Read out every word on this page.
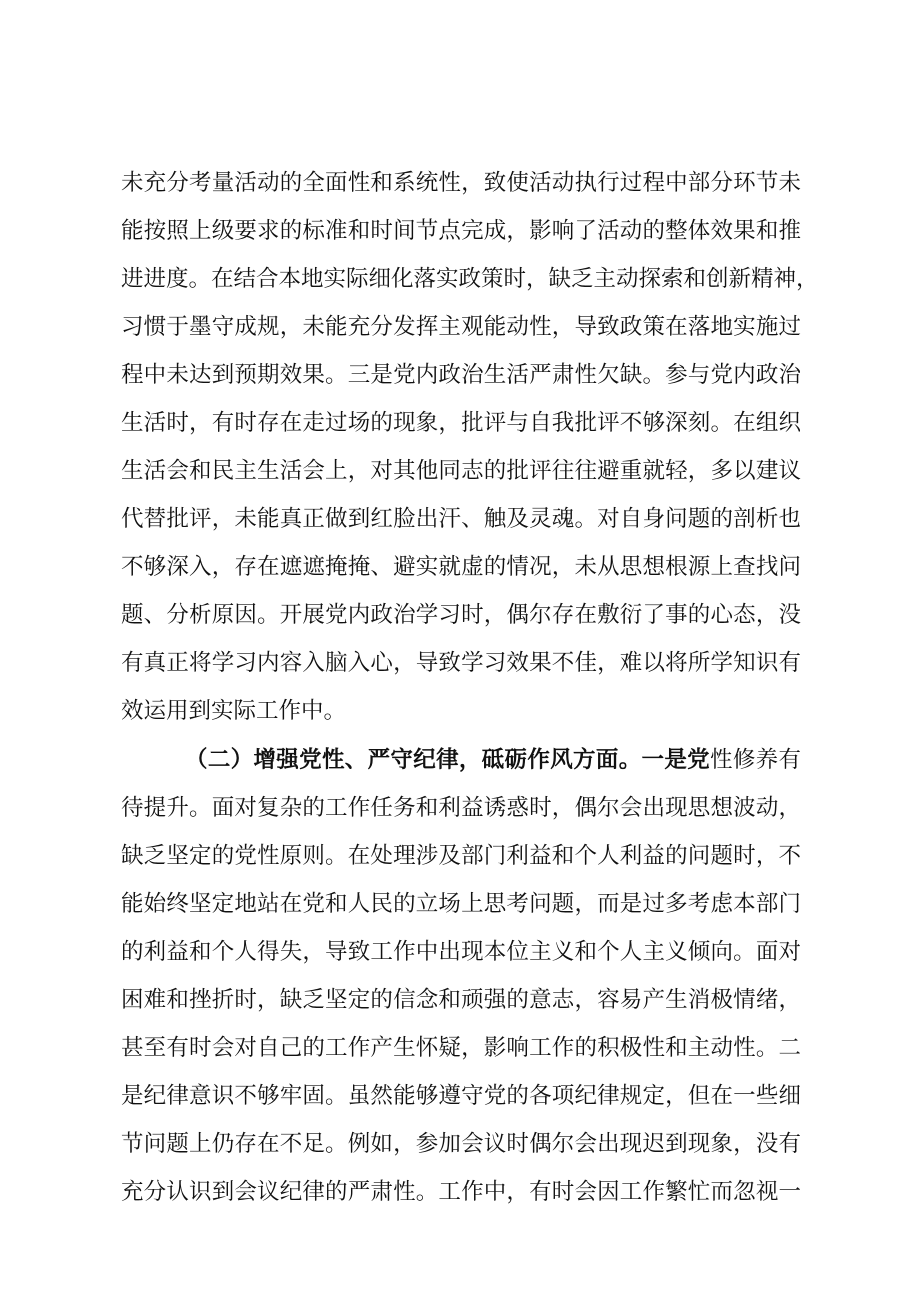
未充分考量活动的全面性和系统性，致使活动执行过程中部分环节未
能按照上级要求的标准和时间节点完成，影响了活动的整体效果和推
进进度。在结合本地实际细化落实政策时，缺乏主动探索和创新精神，
习惯于墨守成规，未能充分发挥主观能动性，导致政策在落地实施过
程中未达到预期效果。三是党内政治生活严肃性欠缺。参与党内政治
生活时，有时存在走过场的现象，批评与自我批评不够深刻。在组织
生活会和民主生活会上，对其他同志的批评往往避重就轻，多以建议
代替批评，未能真正做到红脸出汗、触及灵魂。对自身问题的剖析也
不够深入，存在遮遮掩掩、避实就虚的情况，未从思想根源上查找问
题、分析原因。开展党内政治学习时，偶尔存在敷衍了事的心态，没
有真正将学习内容入脑入心，导致学习效果不佳，难以将所学知识有
效运用到实际工作中。
（二）增强党性、严守纪律，砥砺作风方面。一是党性修养有
待提升。面对复杂的工作任务和利益诱惑时，偶尔会出现思想波动，
缺乏坚定的党性原则。在处理涉及部门利益和个人利益的问题时，不
能始终坚定地站在党和人民的立场上思考问题，而是过多考虑本部门
的利益和个人得失，导致工作中出现本位主义和个人主义倾向。面对
困难和挫折时，缺乏坚定的信念和顽强的意志，容易产生消极情绪，
甚至有时会对自己的工作产生怀疑，影响工作的积极性和主动性。二
是纪律意识不够牢固。虽然能够遵守党的各项纪律规定，但在一些细
节问题上仍存在不足。例如，参加会议时偶尔会出现迟到现象，没有
充分认识到会议纪律的严肃性。工作中，有时会因工作繁忙而忽视一
